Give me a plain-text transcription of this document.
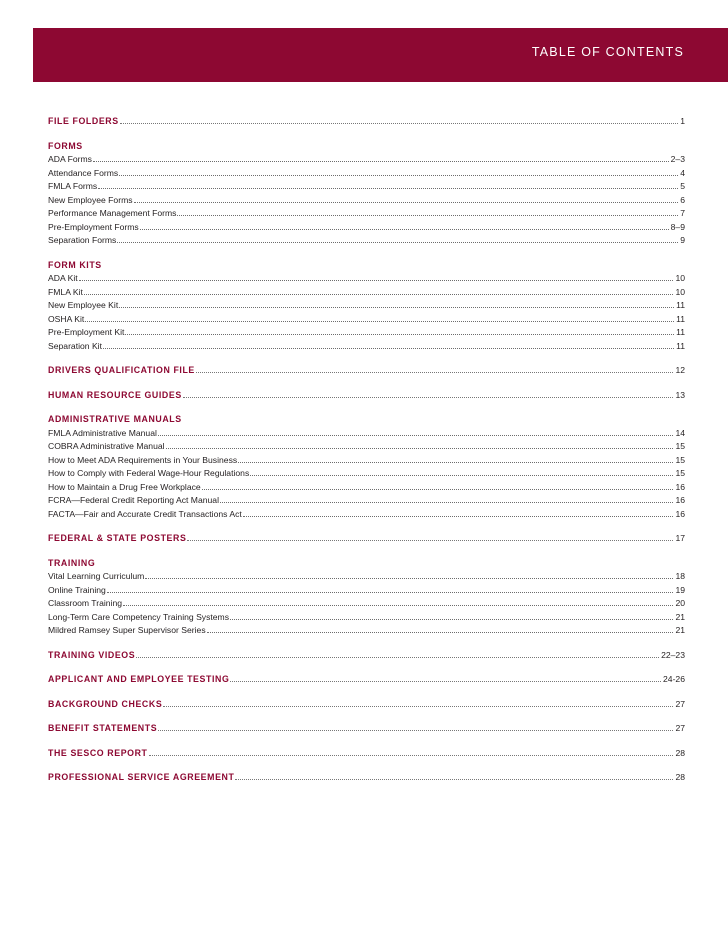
TABLE OF CONTENTS
FILE FOLDERS	1
FORMS
ADA Forms	2–3
Attendance Forms	4
FMLA Forms	5
New Employee Forms	6
Performance Management Forms	7
Pre-Employment Forms	8–9
Separation Forms	9
FORM KITS
ADA Kit	10
FMLA Kit	10
New Employee Kit	11
OSHA Kit	11
Pre-Employment Kit	11
Separation Kit	11
DRIVERS QUALIFICATION FILE	12
HUMAN RESOURCE GUIDES	13
ADMINISTRATIVE MANUALS
FMLA Administrative Manual	14
COBRA Administrative Manual	15
How to Meet ADA Requirements in Your Business	15
How to Comply with Federal Wage-Hour Regulations	15
How to Maintain a Drug Free Workplace	16
FCRA—Federal Credit Reporting Act Manual	16
FACTA—Fair and Accurate Credit Transactions Act	16
FEDERAL & STATE POSTERS	17
TRAINING
Vital Learning Curriculum	18
Online Training	19
Classroom Training	20
Long-Term Care Competency Training Systems	21
Mildred Ramsey Super Supervisor Series	21
TRAINING VIDEOS	22–23
APPLICANT AND EMPLOYEE TESTING	24-26
BACKGROUND CHECKS	27
BENEFIT STATEMENTS	27
THE SESCO REPORT	28
PROFESSIONAL SERVICE AGREEMENT	28
